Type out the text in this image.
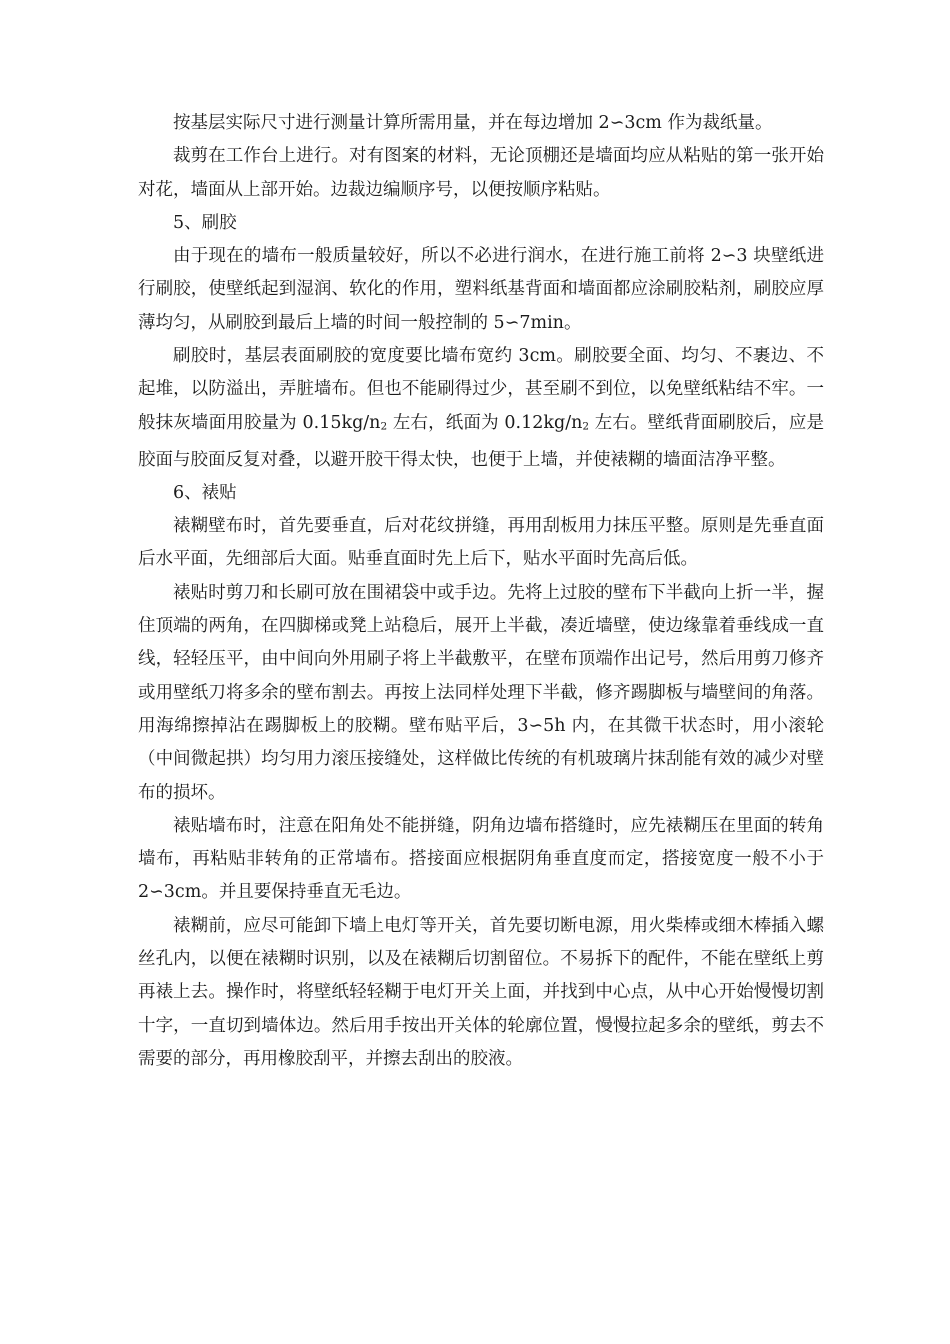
按基层实际尺寸进行测量计算所需用量，并在每边增加 2∽3cm 作为裁纸量。

裁剪在工作台上进行。对有图案的材料，无论顶棚还是墙面均应从粘贴的第一张开始对花，墙面从上部开始。边裁边编顺序号，以便按顺序粘贴。

5、刷胶

由于现在的墙布一般质量较好，所以不必进行润水，在进行施工前将 2∽3 块壁纸进行刷胶，使壁纸起到湿润、软化的作用，塑料纸基背面和墙面都应涂刷胶粘剂，刷胶应厚薄均匀，从刷胶到最后上墙的时间一般控制的 5∽7min。

刷胶时，基层表面刷胶的宽度要比墙布宽约 3cm。刷胶要全面、均匀、不裹边、不起堆，以防溢出，弄脏墙布。但也不能刷得过少，甚至刷不到位，以免壁纸粘结不牢。一般抹灰墙面用胶量为 0.15kg/n2 左右，纸面为 0.12kg/n2 左右。壁纸背面刷胶后，应是胶面与胶面反复对叠，以避开胶干得太快，也便于上墙，并使裱糊的墙面洁净平整。

6、裱贴

裱糊壁布时，首先要垂直，后对花纹拼缝，再用刮板用力抹压平整。原则是先垂直面后水平面，先细部后大面。贴垂直面时先上后下，贴水平面时先高后低。

裱贴时剪刀和长刷可放在围裙袋中或手边。先将上过胶的壁布下半截向上折一半，握住顶端的两角，在四脚梯或凳上站稳后，展开上半截，凑近墙壁，使边缘靠着垂线成一直线，轻轻压平，由中间向外用刷子将上半截敷平，在壁布顶端作出记号，然后用剪刀修齐或用壁纸刀将多余的壁布割去。再按上法同样处理下半截，修齐踢脚板与墙壁间的角落。用海绵擦掉沾在踢脚板上的胶糊。壁布贴平后，3∽5h 内，在其微干状态时，用小滚轮（中间微起拱）均匀用力滚压接缝处，这样做比传统的有机玻璃片抹刮能有效的减少对壁布的损坏。

裱贴墙布时，注意在阳角处不能拼缝，阴角边墙布搭缝时，应先裱糊压在里面的转角墙布，再粘贴非转角的正常墙布。搭接面应根据阴角垂直度而定，搭接宽度一般不小于 2∽3cm。并且要保持垂直无毛边。

裱糊前，应尽可能卸下墙上电灯等开关，首先要切断电源，用火柴棒或细木棒插入螺丝孔内，以便在裱糊时识别，以及在裱糊后切割留位。不易拆下的配件，不能在壁纸上剪再裱上去。操作时，将壁纸轻轻糊于电灯开关上面，并找到中心点，从中心开始慢慢切割十字，一直切到墙体边。然后用手按出开关体的轮廓位置，慢慢拉起多余的壁纸，剪去不需要的部分，再用橡胶刮平，并擦去刮出的胶液。
